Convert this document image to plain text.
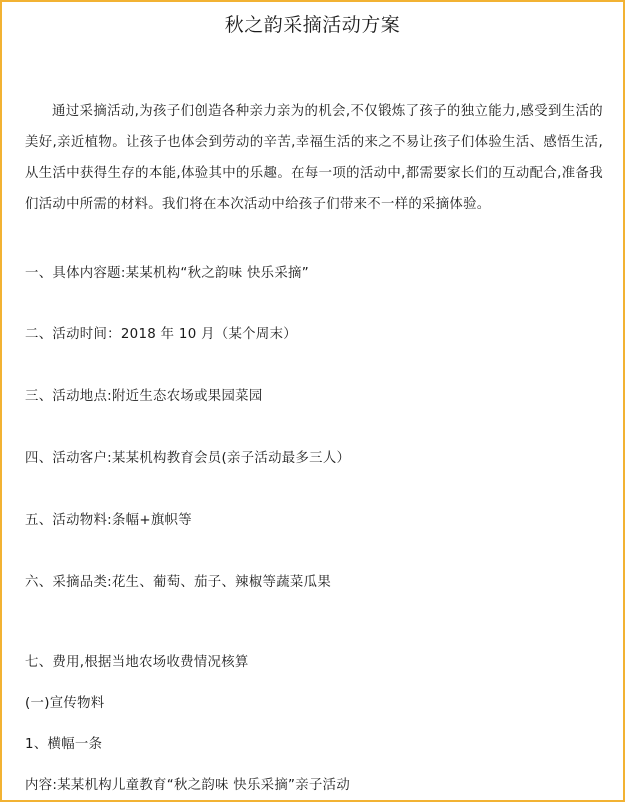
秋之韵采摘活动方案
通过采摘活动,为孩子们创造各种亲力亲为的机会,不仅锻炼了孩子的独立能力,感受到生活的美好,亲近植物。让孩子也体会到劳动的辛苦,幸福生活的来之不易让孩子们体验生活、感悟生活,从生活中获得生存的本能,体验其中的乐趣。在每一项的活动中,都需要家长们的互动配合,准备我们活动中所需的材料。我们将在本次活动中给孩子们带来不一样的采摘体验。
一、具体内容题:某某机构“秋之韵味 快乐采摘”
二、活动时间：2018 年 10 月（某个周末）
三、活动地点:附近生态农场或果园菜园
四、活动客户:某某机构教育会员(亲子活动最多三人）
五、活动物料:条幅+旗帜等
六、采摘品类:花生、葡萄、茄子、辣椒等蔬菜瓜果
七、费用,根据当地农场收费情况核算
(一)宣传物料
1、横幅一条
内容:某某机构儿童教育“秋之韵味 快乐采摘”亲子活动
